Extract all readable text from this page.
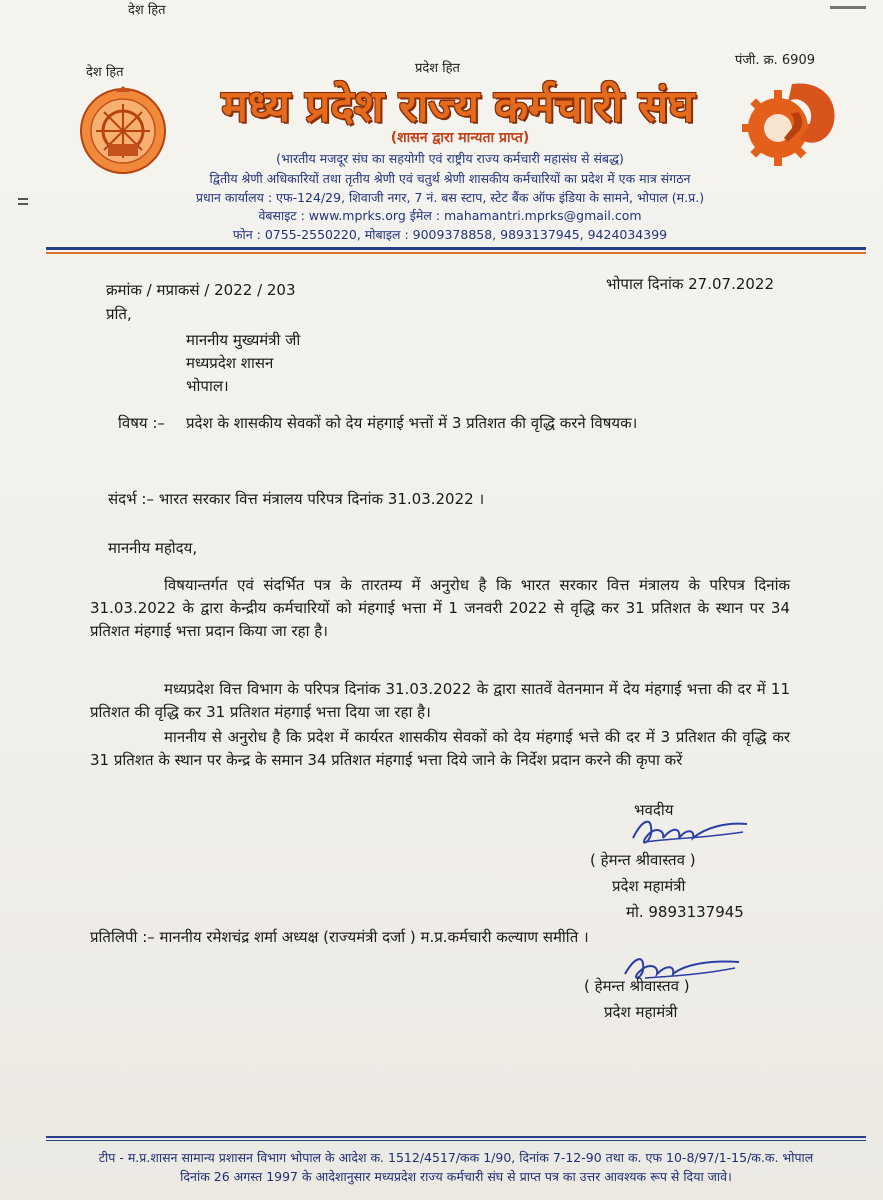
देश हित
देश हित	प्रदेश हित
पंजी. क्र. 6909
मध्य प्रदेश राज्य कर्मचारी संघ
(शासन द्वारा मान्यता प्राप्त)
(भारतीय मजदूर संघ का सहयोगी एवं राष्ट्रीय राज्य कर्मचारी महासंघ से संबद्ध)
द्वितीय श्रेणी अधिकारियों तथा तृतीय श्रेणी एवं चतुर्थ श्रेणी शासकीय कर्मचारियों का प्रदेश में एक मात्र संगठन
प्रधान कार्यालय : एफ-124/29, शिवाजी नगर, 7 नं. बस स्टाप, स्टेट बैंक ऑफ इंडिया के सामने, भोपाल (म.प्र.)
वेबसाइट : www.mprks.org ईमेल : mahamantri.mprks@gmail.com
फोन : 0755-2550220, मोबाइल : 9009378858, 9893137945, 9424034399
क्रमांक / मप्राकसं / 2022 / 203	भोपाल दिनांक 27.07.2022
प्रति,
माननीय मुख्यमंत्री जी
मध्यप्रदेश शासन
भोपाल।
विषय :– प्रदेश के शासकीय सेवकों को देय मंहगाई भत्तों में 3 प्रतिशत की वृद्धि करने विषयक।
संदर्भ :– भारत सरकार वित्त मंत्रालय परिपत्र दिनांक 31.03.2022 ।
माननीय महोदय,
विषयान्तर्गत एवं संदर्भित पत्र के तारतम्य में अनुरोध है कि भारत सरकार वित्त मंत्रालय के परिपत्र दिनांक 31.03.2022 के द्वारा केन्द्रीय कर्मचारियों को मंहगाई भत्ता में 1 जनवरी 2022 से वृद्धि कर 31 प्रतिशत के स्थान पर 34 प्रतिशत मंहगाई भत्ता प्रदान किया जा रहा है।
मध्यप्रदेश वित्त विभाग के परिपत्र दिनांक 31.03.2022 के द्वारा सातवें वेतनमान में देय मंहगाई भत्ता की दर में 11 प्रतिशत की वृद्धि कर 31 प्रतिशत मंहगाई भत्ता दिया जा रहा है।
माननीय से अनुरोध है कि प्रदेश में कार्यरत शासकीय सेवकों को देय मंहगाई भत्ते की दर में 3 प्रतिशत की वृद्धि कर 31 प्रतिशत के स्थान पर केन्द्र के समान 34 प्रतिशत मंहगाई भत्ता दिये जाने के निर्देश प्रदान करने की कृपा करें
भवदीय
( हेमन्त श्रीवास्तव )
प्रदेश महामंत्री
मो. 9893137945
प्रतिलिपी :– माननीय रमेशचंद्र शर्मा अध्यक्ष (राज्यमंत्री दर्जा ) म.प्र.कर्मचारी कल्याण समीति ।
( हेमन्त श्रीवास्तव )
प्रदेश महामंत्री
टीप - म.प्र.शासन सामान्य प्रशासन विभाग भोपाल के आदेश क. 1512/4517/कक 1/90, दिनांक 7-12-90 तथा क. एफ 10-8/97/1-15/क.क. भोपाल
दिनांक 26 अगस्त 1997 के आदेशानुसार मध्यप्रदेश राज्य कर्मचारी संघ से प्राप्त पत्र का उत्तर आवश्यक रूप से दिया जावे।
